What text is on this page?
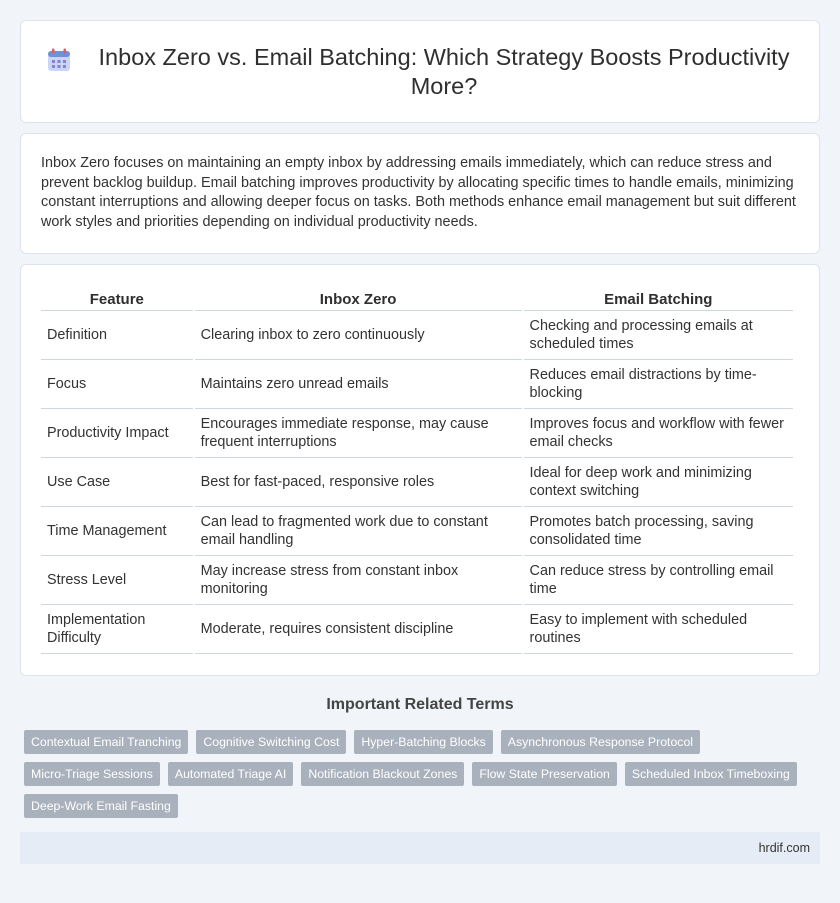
Inbox Zero vs. Email Batching: Which Strategy Boosts Productivity More?

Inbox Zero focuses on maintaining an empty inbox by addressing emails immediately, which can reduce stress and prevent backlog buildup. Email batching improves productivity by allocating specific times to handle emails, minimizing constant interruptions and allowing deeper focus on tasks. Both methods enhance email management but suit different work styles and priorities depending on individual productivity needs.

Feature	Inbox Zero	Email Batching
Definition	Clearing inbox to zero continuously	Checking and processing emails at scheduled times
Focus	Maintains zero unread emails	Reduces email distractions by time-blocking
Productivity Impact	Encourages immediate response, may cause frequent interruptions	Improves focus and workflow with fewer email checks
Use Case	Best for fast-paced, responsive roles	Ideal for deep work and minimizing context switching
Time Management	Can lead to fragmented work due to constant email handling	Promotes batch processing, saving consolidated time
Stress Level	May increase stress from constant inbox monitoring	Can reduce stress by controlling email time
Implementation Difficulty	Moderate, requires consistent discipline	Easy to implement with scheduled routines
Important Related Terms
Contextual Email Tranching	Cognitive Switching Cost	Hyper-Batching Blocks	Asynchronous Response Protocol
Micro-Triage Sessions	Automated Triage AI	Notification Blackout Zones	Flow State Preservation	Scheduled Inbox Timeboxing
Deep-Work Email Fasting
hrdif.com
